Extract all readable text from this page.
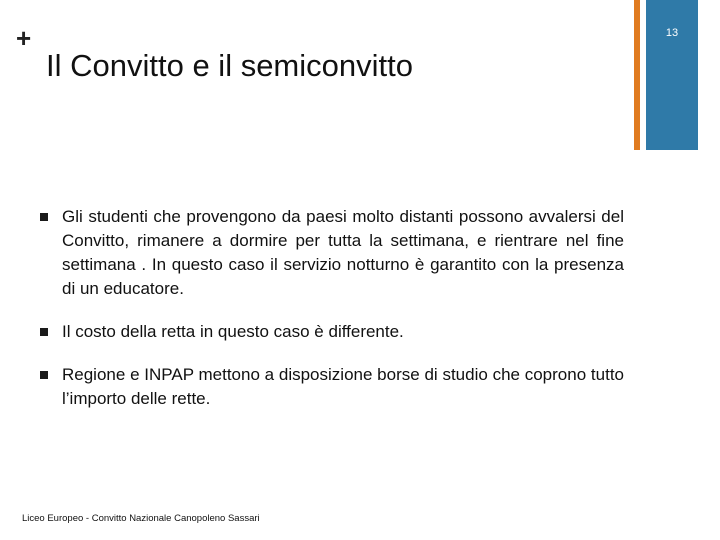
+
Il Convitto e il semiconvitto
13
Gli studenti che provengono da paesi molto distanti possono avvalersi del Convitto, rimanere a dormire per tutta la settimana, e rientrare nel fine settimana . In questo caso il servizio notturno è garantito con la presenza di un educatore.
Il costo della retta in questo caso è differente.
Regione e INPAP mettono a disposizione borse di studio che coprono tutto l’importo delle rette.
Liceo Europeo - Convitto Nazionale Canopoleno Sassari
